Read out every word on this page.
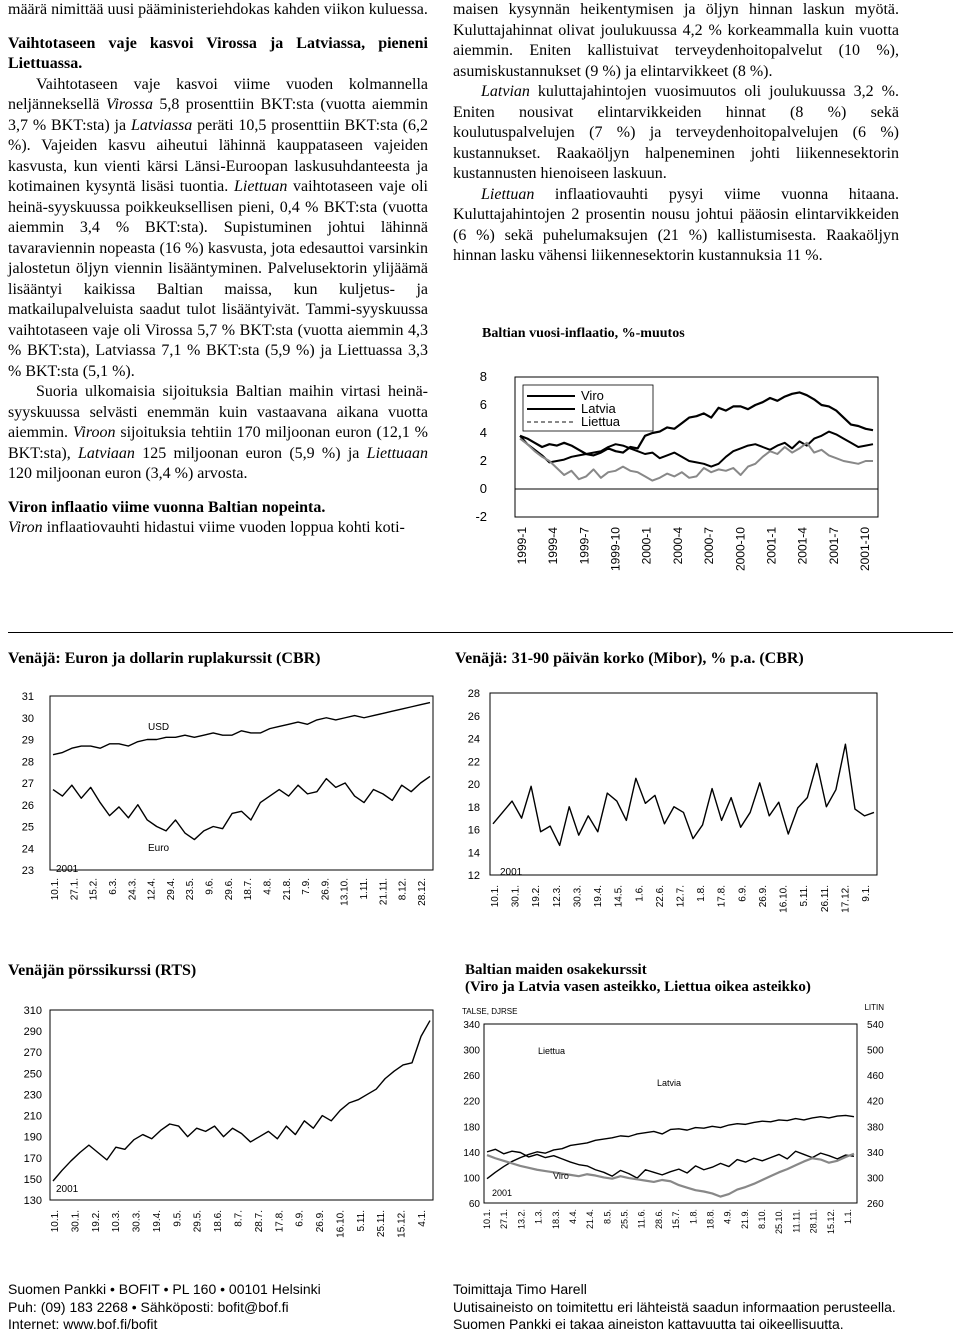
määrä nimittää uusi pääministeriehdokas kahden viikon kuluessa.

Vaihtotaseen vaje kasvoi Virossa ja Latviassa, pieneni Liettuassa.

Vaihtotaseen vaje kasvoi viime vuoden kolmannella neljänneksellä Virossa 5,8 prosenttiin BKT:sta (vuotta aiemmin 3,7 % BKT:sta) ja Latviassa peräti 10,5 prosenttiin BKT:sta (6,2 %). Vajeiden kasvu aiheutui lähinnä kauppataseen vajeiden kasvusta, kun vienti kärsi Länsi-Euroopan laskusuhdanteesta ja kotimainen kysyntä lisäsi tuontia. Liettuan vaihtotaseen vaje oli heinä-syyskuussa poikkeuksellisen pieni, 0,4 % BKT:sta (vuotta aiemmin 3,4 % BKT:sta). Supistuminen johtui lähinnä tavaraviennin nopeasta (16 %) kasvusta, jota edesauttoi varsinkin jalostetun öljyn viennin lisääntyminen. Palvelusektorin ylijäämä lisääntyi kaikissa Baltian maissa, kun kuljetus- ja matkailupalveluista saadut tulot lisääntyivät. Tammi-syyskuussa vaihtotaseen vaje oli Virossa 5,7 % BKT:sta (vuotta aiemmin 4,3 % BKT:sta), Latviassa 7,1 % BKT:sta (5,9 %) ja Liettuassa 3,3 % BKT:sta (5,1 %).

Suoria ulkomaisia sijoituksia Baltian maihin virtasi heinä-syyskuussa selvästi enemmän kuin vastaavana aikana vuotta aiemmin. Viroon sijoituksia tehtiin 170 miljoonan euron (12,1 % BKT:sta), Latviaan 125 miljoonan euron (5,9 %) ja Liettuaan 120 miljoonan euron (3,4 %) arvosta.

Viron inflaatio viime vuonna Baltian nopeinta.

Viron inflaatiovauhti hidastui viime vuoden loppua kohti koti-

maisen kysynnän heikentymisen ja öljyn hinnan laskun myötä. Kuluttajahinnat olivat joulukuussa 4,2 % korkeammalla kuin vuotta aiemmin. Eniten kallistuivat terveydenhoitopalvelut (10 %), asumiskustannukset (9 %) ja elintarvikkeet (8 %).

Latvian kuluttajahintojen vuosimuutos oli joulukuussa 3,2 %. Eniten nousivat elintarvikkeiden hinnat (8 %) sekä koulutuspalvelujen (7 %) ja terveydenhoitopalvelujen (6 %) kustannukset. Raakaöljyn halpeneminen johti liikennesektorin kustannusten hienoiseen laskuun.

Liettuan inflaatiovauhti pysyi viime vuonna hitaana. Kuluttajahintojen 2 prosentin nousu johtui pääosin elintarvikkeiden (6 %) sekä puhelumaksujen (21 %) kallistumisesta. Raakaöljyn hinnan lasku vähensi liikennesektorin kustannuksia 11 %.

Baltian vuosi-inflaatio, %-muutos
8
6
4
2
0
-2
Viro
Latvia
Liettua
1999-1 1999-4 1999-7 1999-10 2000-1 2000-4 2000-7 2000-10 2001-1 2001-4 2001-7 2001-10
Venäjä: Euron ja dollarin ruplakurssit (CBR)
31
30
29
28
27
26
25
24
23
USD
Euro
2001
10.1. 27.1. 15.2. 6.3. 24.3. 12.4. 29.4. 23.5. 9.6. 29.6. 18.7. 4.8. 21.8. 7.9. 26.9. 13.10. 1.11. 21.11. 8.12. 28.12.
Venäjä: 31-90 päivän korko (Mibor), % p.a. (CBR)
28
26
24
22
20
18
16
14
12 2001
10.1. 30.1. 19.2. 12.3. 30.3. 19.4. 14.5. 1.6. 22.6. 12.7. 1.8. 17.8. 6.9. 26.9. 16.10. 5.11. 26.11. 17.12. 9.1.
Venäjän pörssikurssi (RTS)
310
290
270
250
230
210
190
170
150
130
2001
10.1. 30.1. 19.2. 10.3. 30.3. 19.4. 9.5. 29.5. 18.6. 8.7. 28.7. 17.8. 6.9. 26.9. 16.10. 5.11. 25.11. 15.12. 4.1.
Baltian maiden osakekurssit
(Viro ja Latvia vasen asteikko, Liettua oikea asteikko)
TALSE, DJRSE	LITIN
340
300
260
220
180
140
100
60
540
500
460
420
380
340
300
260
Liettua
Latvia
Viro
2001
10.1. 27.1. 13.2. 1.3. 18.3. 4.4. 21.4. 8.5. 25.5. 11.6. 28.6. 15.7. 1.8. 18.8. 4.9. 21.9. 8.10. 25.10. 11.11. 28.11. 15.12. 1.1.
Suomen Pankki • BOFIT • PL 160 • 00101 Helsinki
Puh: (09) 183 2268 • Sähköposti: bofit@bof.fi
Internet: www.bof.fi/bofit
Toimittaja Timo Harell
Uutisaineisto on toimitettu eri lähteistä saadun informaation perusteella.
Suomen Pankki ei takaa aineiston kattavuutta tai oikeellisuutta.
